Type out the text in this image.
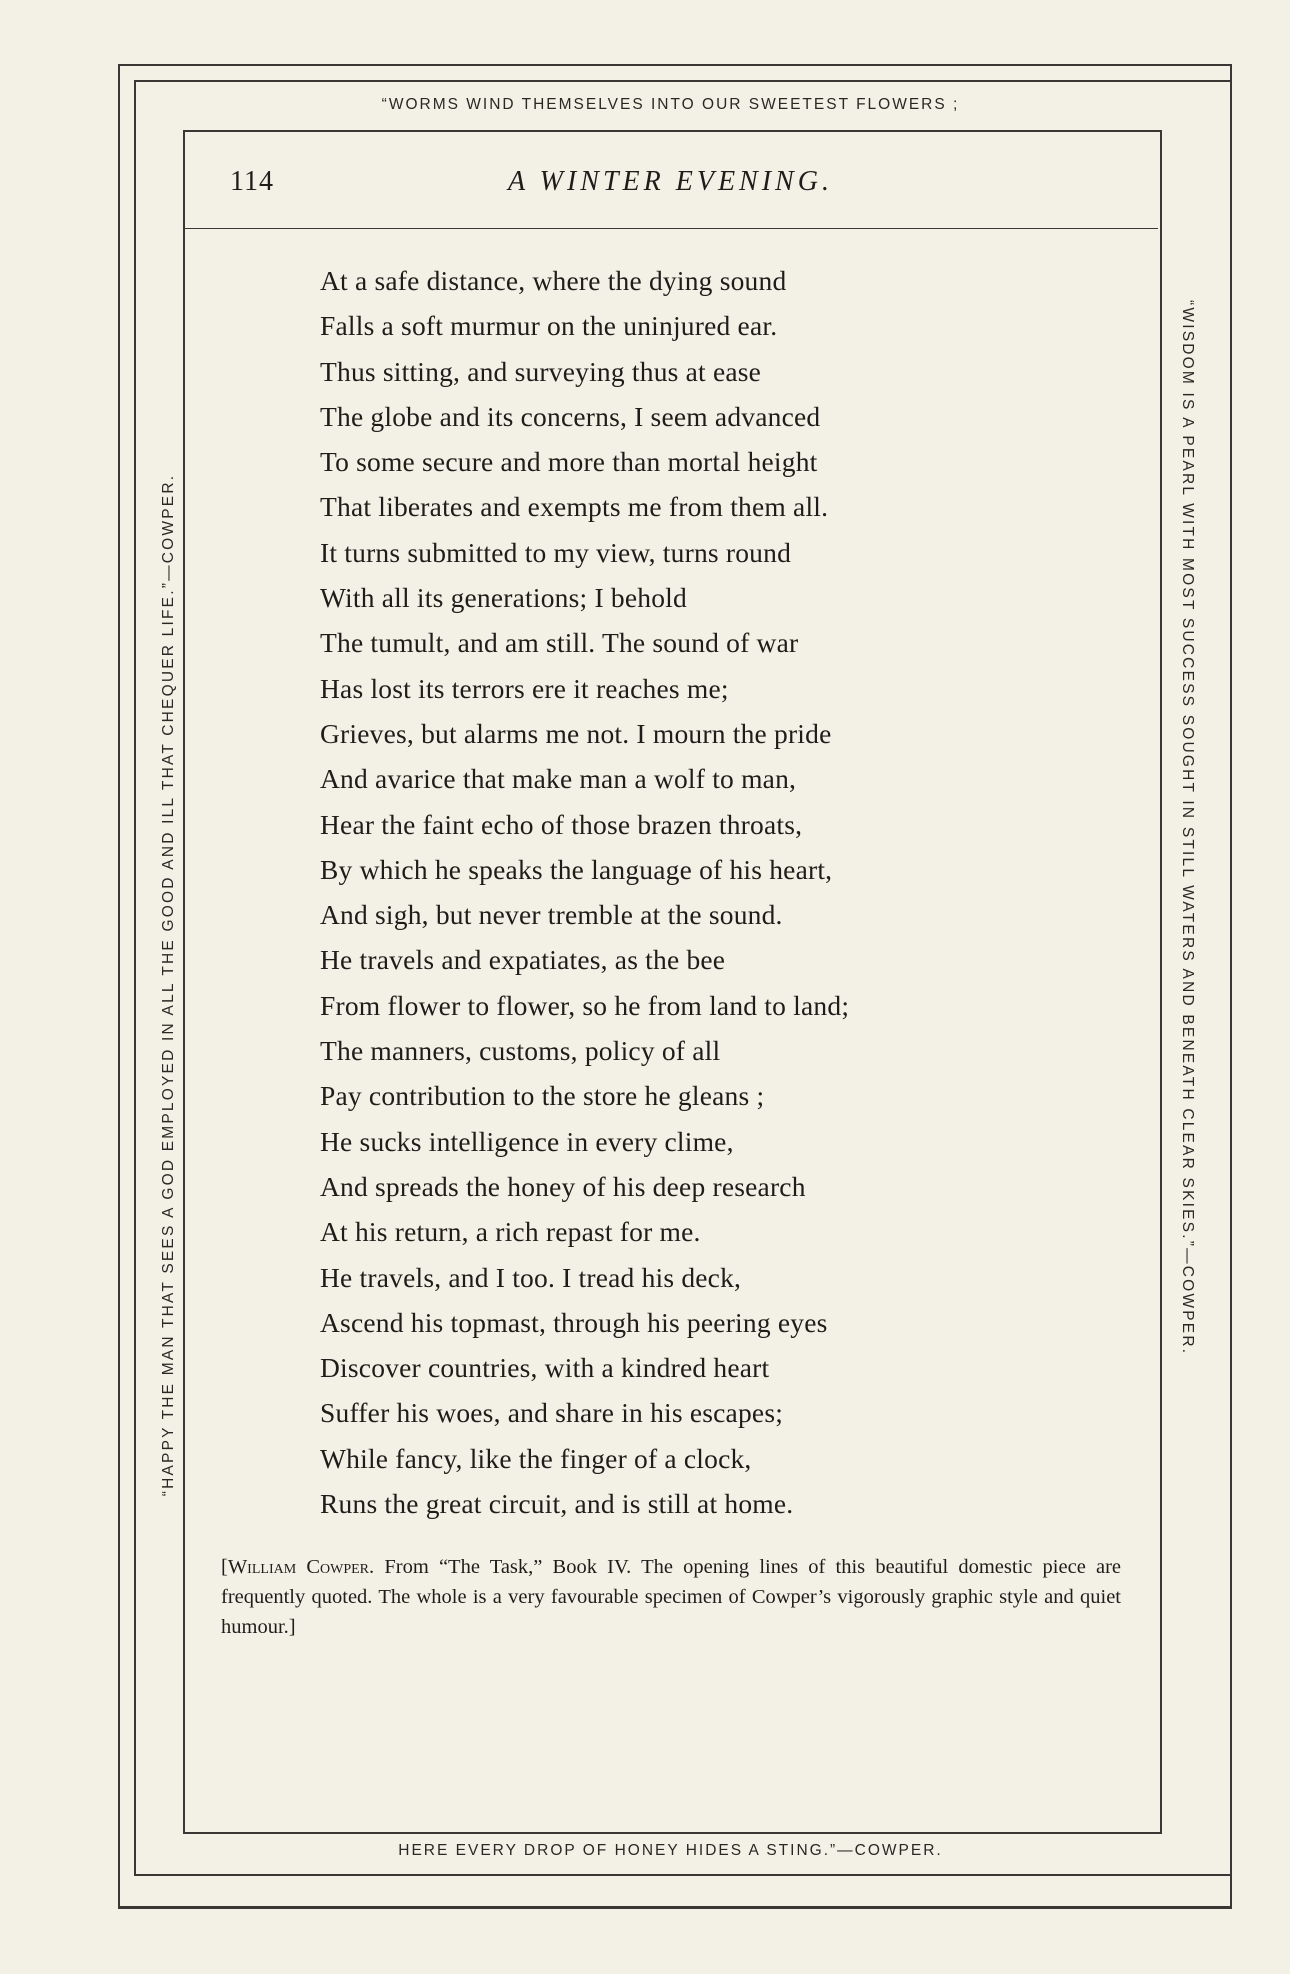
“WORMS WIND THEMSELVES INTO OUR SWEETEST FLOWERS ;
HERE EVERY DROP OF HONEY HIDES A STING.”—COWPER.
“HAPPY THE MAN THAT SEES A GOD EMPLOYED IN ALL THE GOOD AND ILL THAT CHEQUER LIFE.”—COWPER.	“WISDOM IS A PEARL WITH MOST SUCCESS SOUGHT IN STILL WATERS AND BENEATH CLEAR SKIES.”—COWPER.
114	A WINTER EVENING.
At a safe distance, where the dying sound
Falls a soft murmur on the uninjured ear.
Thus sitting, and surveying thus at ease
The globe and its concerns, I seem advanced
To some secure and more than mortal height
That liberates and exempts me from them all.
It turns submitted to my view, turns round
With all its generations; I behold
The tumult, and am still. The sound of war
Has lost its terrors ere it reaches me;
Grieves, but alarms me not. I mourn the pride
And avarice that make man a wolf to man,
Hear the faint echo of those brazen throats,
By which he speaks the language of his heart,
And sigh, but never tremble at the sound.
He travels and expatiates, as the bee
From flower to flower, so he from land to land;
The manners, customs, policy of all
Pay contribution to the store he gleans ;
He sucks intelligence in every clime,
And spreads the honey of his deep research
At his return, a rich repast for me.
He travels, and I too. I tread his deck,
Ascend his topmast, through his peering eyes
Discover countries, with a kindred heart
Suffer his woes, and share in his escapes;
While fancy, like the finger of a clock,
Runs the great circuit, and is still at home.
[William Cowper. From “The Task,” Book IV. The opening lines of this beautiful domestic piece are frequently quoted. The whole is a very favourable specimen of Cowper’s vigorously graphic style and quiet humour.]
